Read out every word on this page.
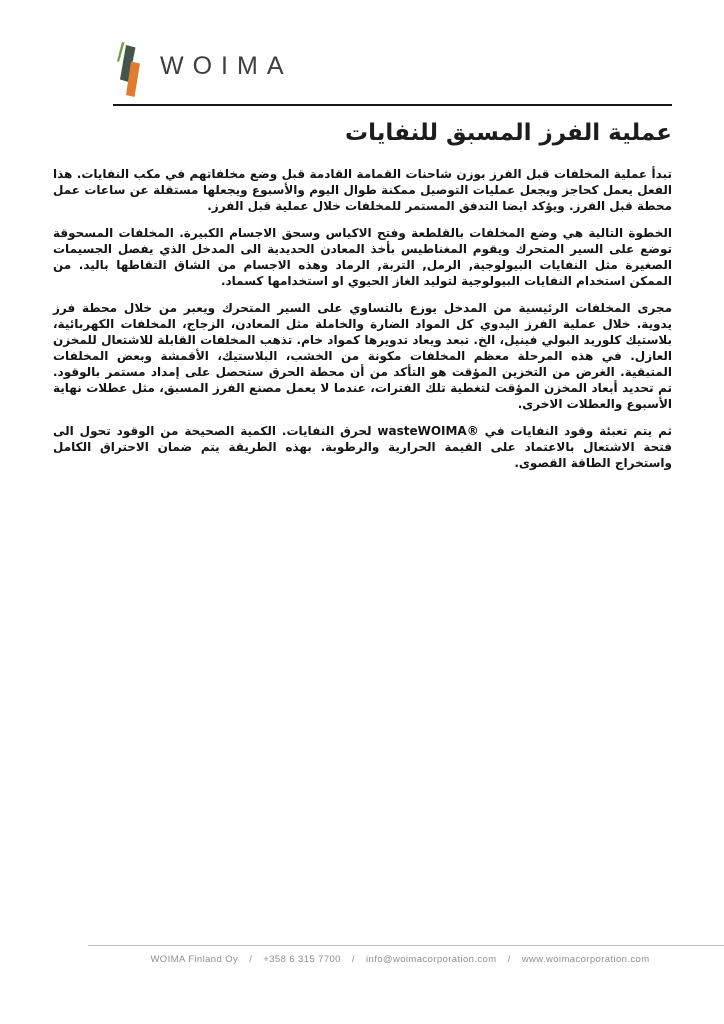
WOIMA
عملية الفرز المسبق للنفايات

تبدأ عملية المخلفات قبل الفرز بوزن شاحنات القمامة القادمة قبل وضع مخلفاتهم في مكب النفايات. هذا الفعل يعمل كحاجز ويجعل عمليات التوصيل ممكنة طوال اليوم والأسبوع ويجعلها مستقلة عن ساعات عمل محطة قبل الفرز. ويؤكد ايضا التدفق المستمر للمخلفات خلال عملية قبل الفرز.

الخطوة التالية هي وضع المخلفات بالقلطعة وفتح الاكياس وسحق الاجسام الكبيرة. المخلفات المسحوقة توضع على السير المتحرك ويقوم المغناطيس بأخذ المعادن الحديدية الى المدخل الذي يفصل الجسيمات الصغيرة مثل النفايات البيولوجية, الرمل, التربة, الرماد وهذه الاجسام من الشاق التقاطها باليد. من الممكن استخدام النفايات البيولوجية لتوليد الغاز الحيوي او استخدامها كسماد.

مجرى المخلفات الرئيسية من المدخل يوزع بالتساوي على السير المتحرك ويعبر من خلال محطة فرز يدوية. خلال عملية الفرز اليدوي كل المواد الضارة والخاملة مثل المعادن، الزجاج، المخلفات الكهربائية، بلاستيك كلوريد البولي فينيل، الخ. تبعد ويعاد تدويرها كمواد خام. تذهب المخلفات القابلة للاشتعال للمخزن العازل. في هذه المرحلة معظم المخلفات مكونة من الخشب، البلاستيك، الأقمشة وبعض المخلفات المتبقية. الغرض من التخزين المؤقت هو التأكد من أن محطة الحرق ستحصل على إمداد مستمر بالوقود. تم تحديد أبعاد المخزن المؤقت لتغطية تلك الفترات، عندما لا يعمل مصنع الفرز المسبق، مثل عطلات نهاية الأسبوع والعطلات الاخرى.

ثم يتم تعبئة وقود النفايات في wasteWOIMA®‎ لحرق النفايات. الكمية الصحيحة من الوقود تحول الى فتحة الاشتعال بالاعتماد على القيمة الحرارية والرطوبة. بهذه الطريقة يتم ضمان الاحتراق الكامل واستخراج الطاقة القصوى.

WOIMA Finland Oy / +358 6 315 7700 / info@woimacorporation.com / www.woimacorporation.com
